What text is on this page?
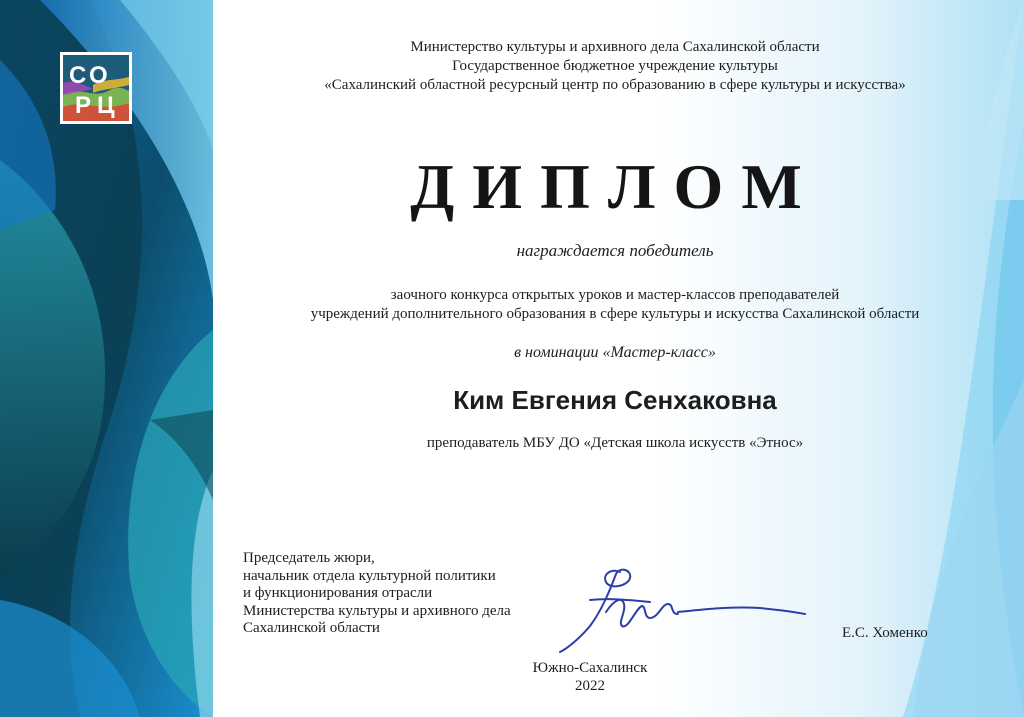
С О
Р Ц
Министерство культуры и архивного дела Сахалинской области
Государственное бюджетное учреждение культуры
«Сахалинский областной ресурсный центр по образованию в сфере культуры и искусства»
ДИПЛОМ
награждается победитель
заочного конкурса открытых уроков и мастер-классов преподавателей
учреждений дополнительного образования в сфере культуры и искусства Сахалинской области
в номинации «Мастер-класс»
Ким Евгения Сенхаковна
преподаватель МБУ ДО «Детская школа искусств «Этнос»
Председатель жюри,
начальник отдела культурной политики
и функционирования отрасли
Министерства культуры и архивного дела
Сахалинской области	Е.С. Хоменко
Южно-Сахалинск
2022
